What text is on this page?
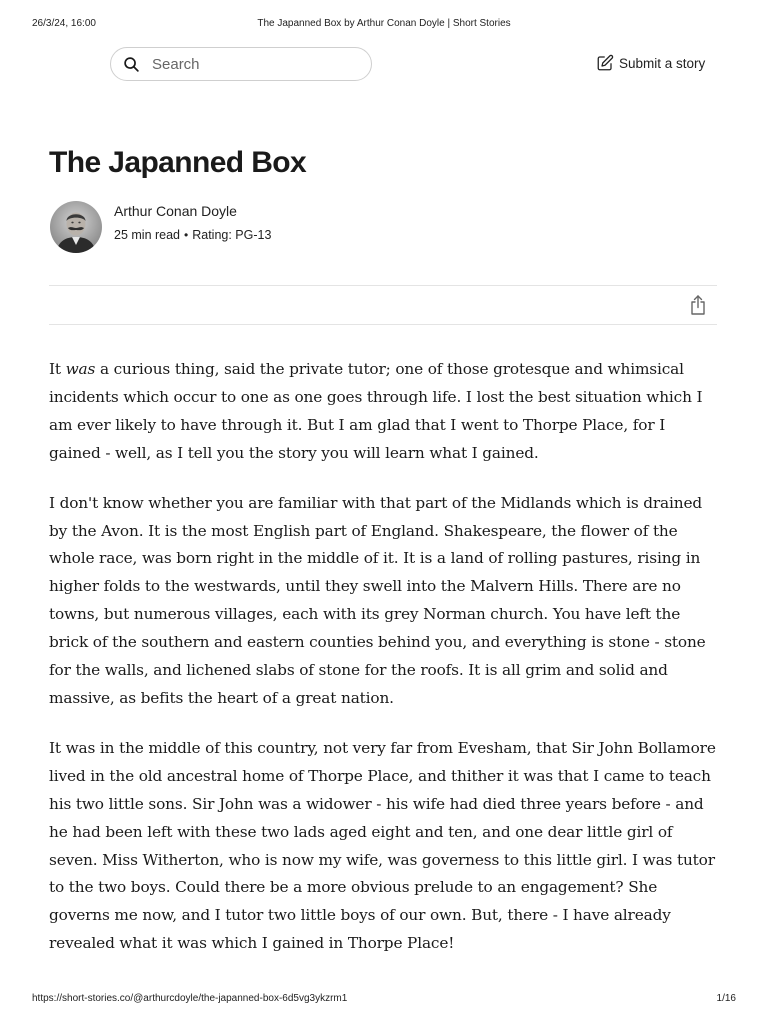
26/3/24, 16:00	The Japanned Box by Arthur Conan Doyle | Short Stories
Search
Submit a story
The Japanned Box
Arthur Conan Doyle
25 min read • Rating: PG-13

It was a curious thing, said the private tutor; one of those grotesque and whimsical incidents which occur to one as one goes through life. I lost the best situation which I am ever likely to have through it. But I am glad that I went to Thorpe Place, for I gained - well, as I tell you the story you will learn what I gained.

I don't know whether you are familiar with that part of the Midlands which is drained by the Avon. It is the most English part of England. Shakespeare, the flower of the whole race, was born right in the middle of it. It is a land of rolling pastures, rising in higher folds to the westwards, until they swell into the Malvern Hills. There are no towns, but numerous villages, each with its grey Norman church. You have left the brick of the southern and eastern counties behind you, and everything is stone - stone for the walls, and lichened slabs of stone for the roofs. It is all grim and solid and massive, as befits the heart of a great nation.

It was in the middle of this country, not very far from Evesham, that Sir John Bollamore lived in the old ancestral home of Thorpe Place, and thither it was that I came to teach his two little sons. Sir John was a widower - his wife had died three years before - and he had been left with these two lads aged eight and ten, and one dear little girl of seven. Miss Witherton, who is now my wife, was governess to this little girl. I was tutor to the two boys. Could there be a more obvious prelude to an engagement? She governs me now, and I tutor two little boys of our own. But, there - I have already revealed what it was which I gained in Thorpe Place!

https://short-stories.co/@arthurcdoyle/the-japanned-box-6d5vg3ykzrm1	1/16
